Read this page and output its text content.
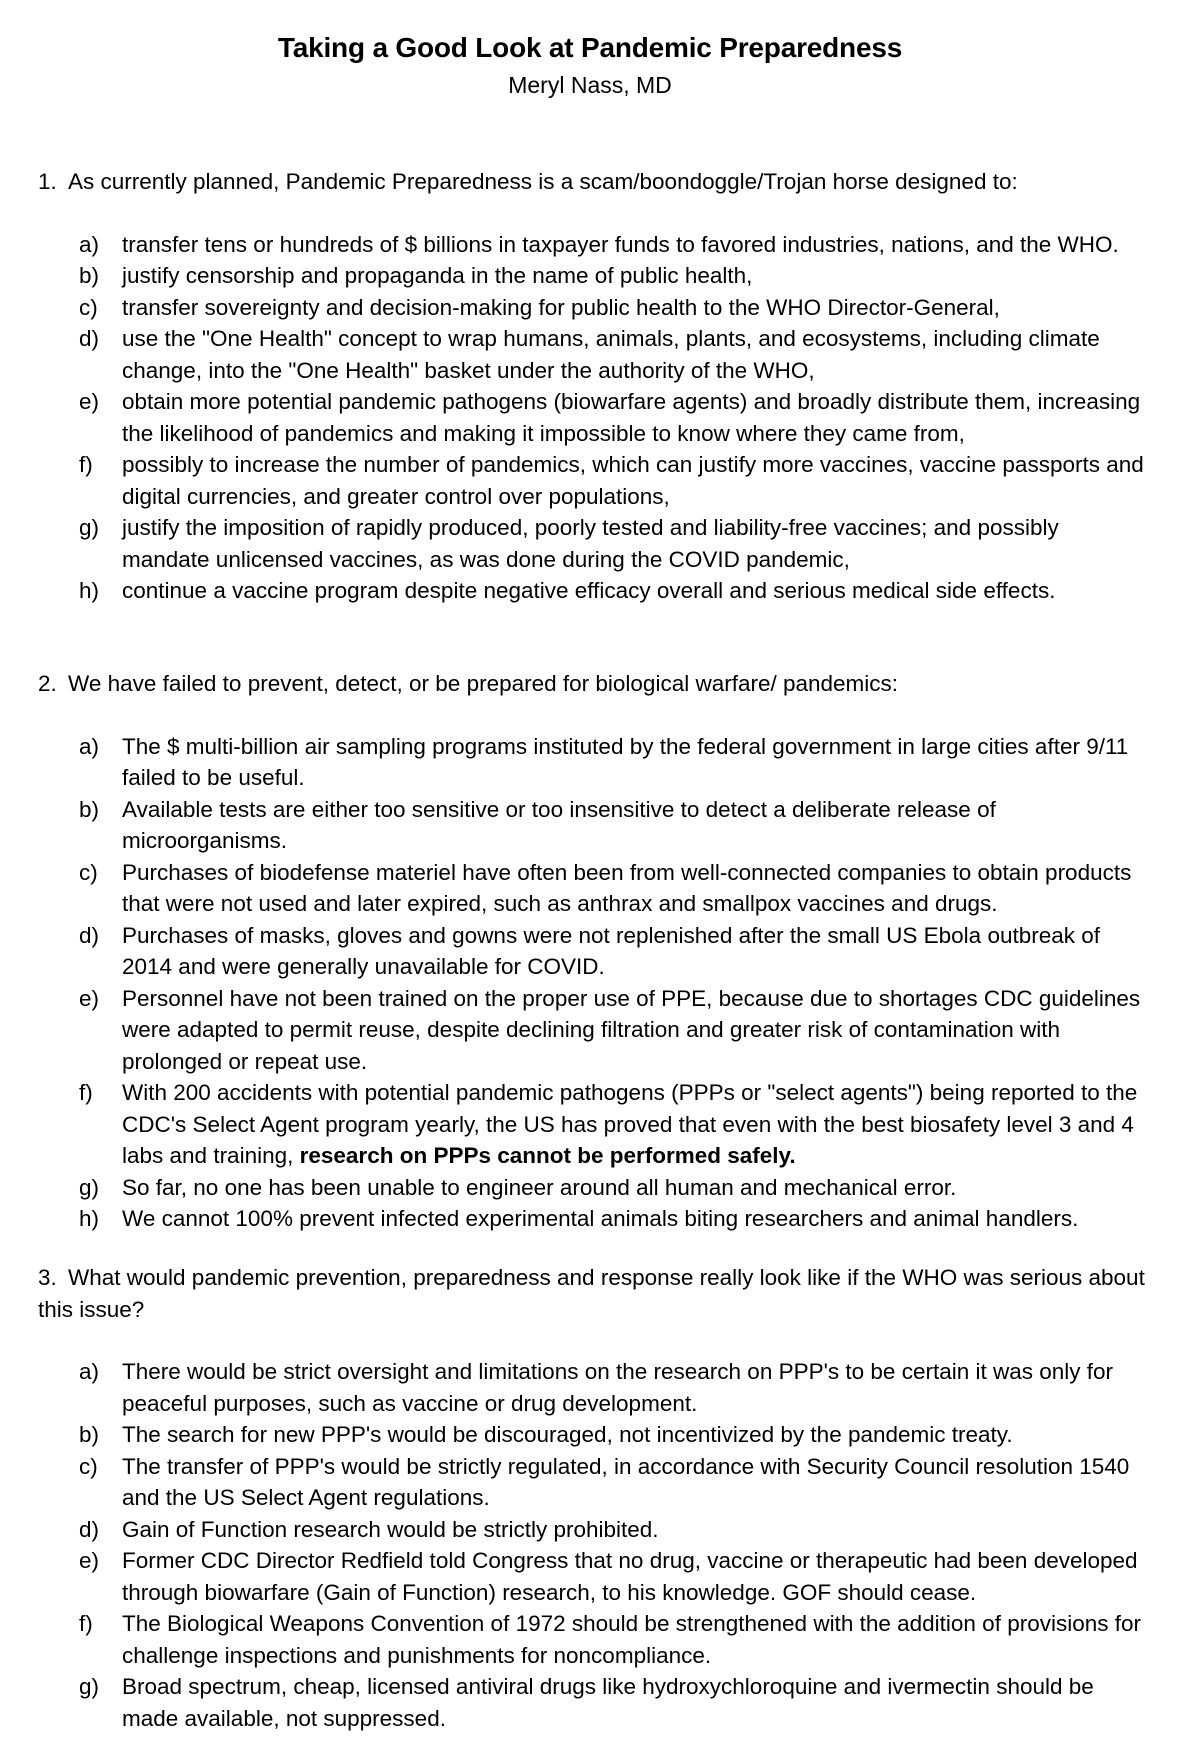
Taking a Good Look at Pandemic Preparedness
Meryl Nass, MD

1. As currently planned, Pandemic Preparedness is a scam/boondoggle/Trojan horse designed to:

a) transfer tens or hundreds of $ billions in taxpayer funds to favored industries, nations, and the WHO.
b) justify censorship and propaganda in the name of public health,
c) transfer sovereignty and decision-making for public health to the WHO Director-General,
d) use the "One Health" concept to wrap humans, animals, plants, and ecosystems, including climate change, into the "One Health" basket under the authority of the WHO,
e) obtain more potential pandemic pathogens (biowarfare agents) and broadly distribute them, increasing the likelihood of pandemics and making it impossible to know where they came from,
f) possibly to increase the number of pandemics, which can justify more vaccines, vaccine passports and digital currencies, and greater control over populations,
g) justify the imposition of rapidly produced, poorly tested and liability-free vaccines; and possibly mandate unlicensed vaccines, as was done during the COVID pandemic,
h) continue a vaccine program despite negative efficacy overall and serious medical side effects.

2. We have failed to prevent, detect, or be prepared for biological warfare/ pandemics:

a) The $ multi-billion air sampling programs instituted by the federal government in large cities after 9/11 failed to be useful.
b) Available tests are either too sensitive or too insensitive to detect a deliberate release of microorganisms.
c) Purchases of biodefense materiel have often been from well-connected companies to obtain products that were not used and later expired, such as anthrax and smallpox vaccines and drugs.
d) Purchases of masks, gloves and gowns were not replenished after the small US Ebola outbreak of 2014 and were generally unavailable for COVID.
e) Personnel have not been trained on the proper use of PPE, because due to shortages CDC guidelines were adapted to permit reuse, despite declining filtration and greater risk of contamination with prolonged or repeat use.
f) With 200 accidents with potential pandemic pathogens (PPPs or "select agents") being reported to the CDC's Select Agent program yearly, the US has proved that even with the best biosafety level 3 and 4 labs and training, research on PPPs cannot be performed safely.
g) So far, no one has been unable to engineer around all human and mechanical error.
h) We cannot 100% prevent infected experimental animals biting researchers and animal handlers.

3. What would pandemic prevention, preparedness and response really look like if the WHO was serious about this issue?

a) There would be strict oversight and limitations on the research on PPP's to be certain it was only for peaceful purposes, such as vaccine or drug development.
b) The search for new PPP's would be discouraged, not incentivized by the pandemic treaty.
c) The transfer of PPP's would be strictly regulated, in accordance with Security Council resolution 1540 and the US Select Agent regulations.
d) Gain of Function research would be strictly prohibited.
e) Former CDC Director Redfield told Congress that no drug, vaccine or therapeutic had been developed through biowarfare (Gain of Function) research, to his knowledge. GOF should cease.
f) The Biological Weapons Convention of 1972 should be strengthened with the addition of provisions for challenge inspections and punishments for noncompliance.
g) Broad spectrum, cheap, licensed antiviral drugs like hydroxychloroquine and ivermectin should be made available, not suppressed.
